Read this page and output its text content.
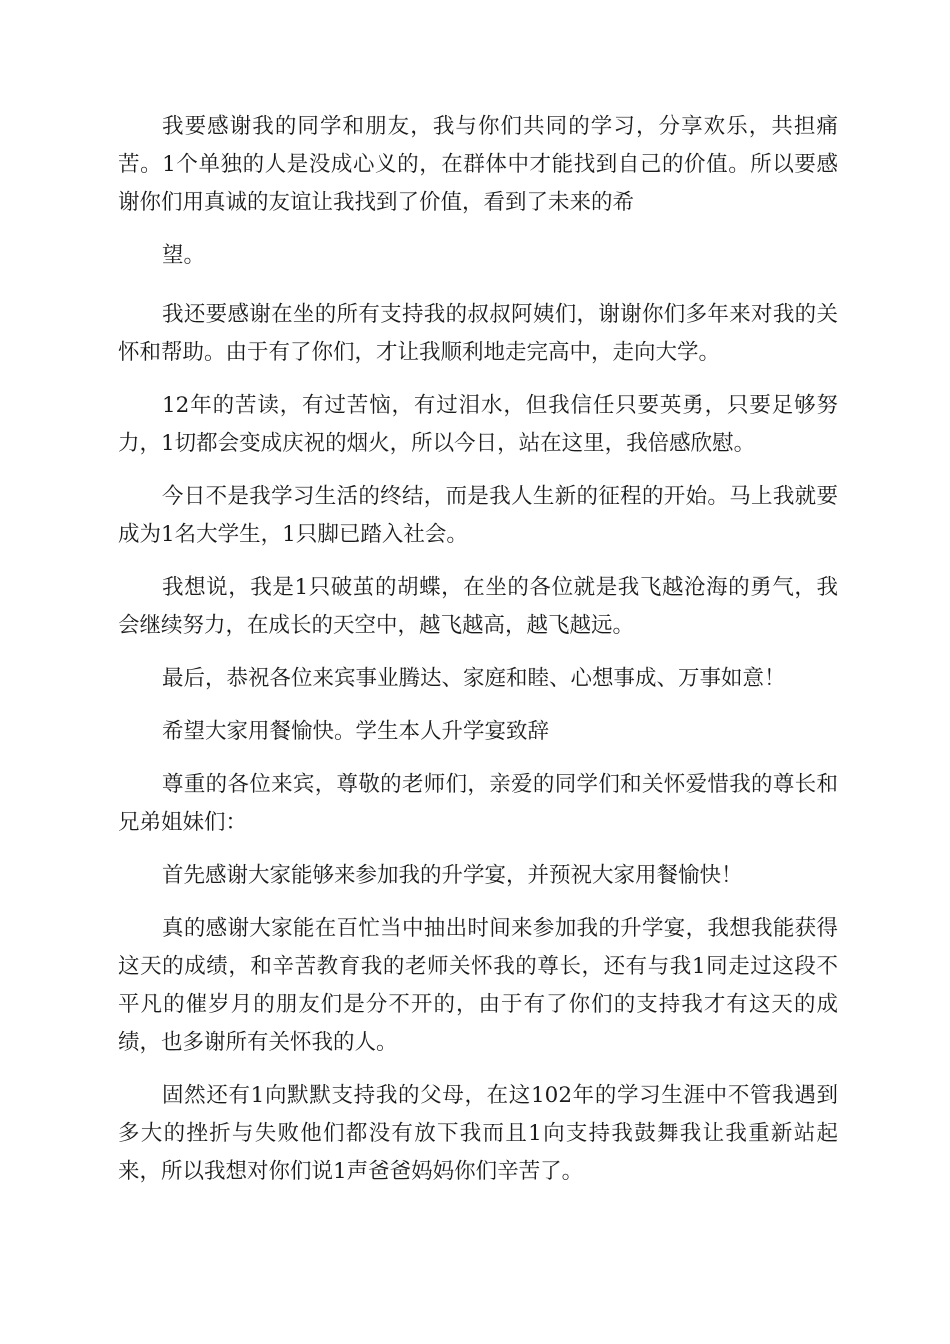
我要感谢我的同学和朋友，我与你们共同的学习，分享欢乐，共担痛苦。1个单独的人是没成心义的，在群体中才能找到自己的价值。所以要感谢你们用真诚的友谊让我找到了价值，看到了未来的希

望。

我还要感谢在坐的所有支持我的叔叔阿姨们，谢谢你们多年来对我的关怀和帮助。由于有了你们，才让我顺利地走完高中，走向大学。

12年的苦读，有过苦恼，有过泪水，但我信任只要英勇，只要足够努力，1切都会变成庆祝的烟火，所以今日，站在这里，我倍感欣慰。

今日不是我学习生活的终结，而是我人生新的征程的开始。马上我就要成为1名大学生，1只脚已踏入社会。

我想说，我是1只破茧的胡蝶，在坐的各位就是我飞越沧海的勇气，我会继续努力，在成长的天空中，越飞越高，越飞越远。

最后，恭祝各位来宾事业腾达、家庭和睦、心想事成、万事如意！

希望大家用餐愉快。学生本人升学宴致辞

尊重的各位来宾，尊敬的老师们，亲爱的同学们和关怀爱惜我的尊长和兄弟姐妹们：

首先感谢大家能够来参加我的升学宴，并预祝大家用餐愉快！

真的感谢大家能在百忙当中抽出时间来参加我的升学宴，我想我能获得这天的成绩，和辛苦教育我的老师关怀我的尊长，还有与我1同走过这段不平凡的催岁月的朋友们是分不开的，由于有了你们的支持我才有这天的成绩，也多谢所有关怀我的人。

固然还有1向默默支持我的父母，在这102年的学习生涯中不管我遇到多大的挫折与失败他们都没有放下我而且1向支持我鼓舞我让我重新站起来，所以我想对你们说1声爸爸妈妈你们辛苦了。
